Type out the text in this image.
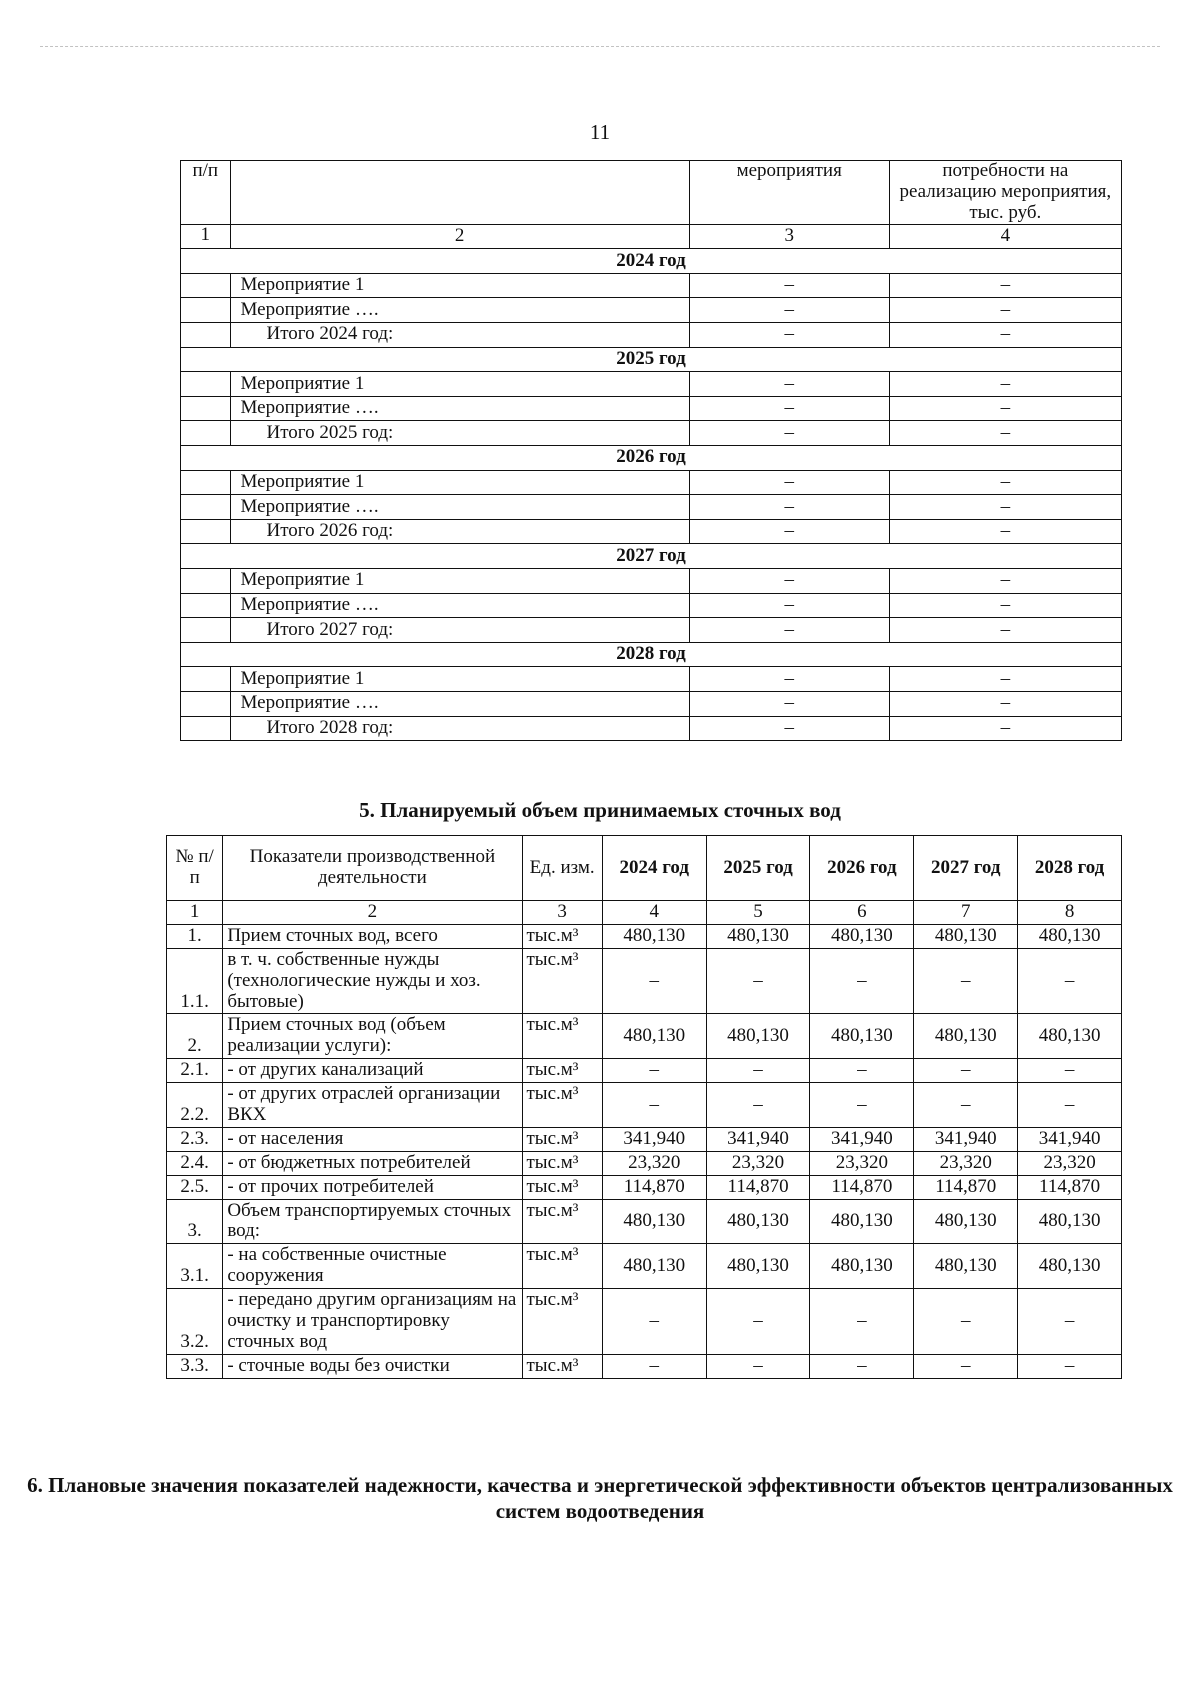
11
п/п		мероприятия	потребности на реализацию мероприятия, тыс. руб.
1	2	3	4
2024 год			
	Мероприятие 1	–	–
	Мероприятие ….	–	–
	Итого 2024 год:	–	–
2025 год			
	Мероприятие 1	–	–
	Мероприятие ….	–	–
	Итого 2025 год:	–	–
2026 год			
	Мероприятие 1	–	–
	Мероприятие ….	–	–
	Итого 2026 год:	–	–
2027 год			
	Мероприятие 1	–	–
	Мероприятие ….	–	–
	Итого 2027 год:	–	–
2028 год			
	Мероприятие 1	–	–
	Мероприятие ….	–	–
	Итого 2028 год:	–	–
5. Планируемый объем принимаемых сточных вод
№ п/п	Показатели производственной деятельности	Ед. изм.	2024 год	2025 год	2026 год	2027 год	2028 год
1	2	3	4	5	6	7	8
1.	Прием сточных вод, всего	тыс.м³	480,130	480,130	480,130	480,130	480,130
1.1.	в т. ч. собственные нужды (технологические нужды и хоз. бытовые)	тыс.м³	–	–	–	–	–
2.	Прием сточных вод (объем реализации услуги):	тыс.м³	480,130	480,130	480,130	480,130	480,130
2.1.	- от других канализаций	тыс.м³	–	–	–	–	–
2.2.	- от других отраслей организации ВКХ	тыс.м³	–	–	–	–	–
2.3.	- от населения	тыс.м³	341,940	341,940	341,940	341,940	341,940
2.4.	- от бюджетных потребителей	тыс.м³	23,320	23,320	23,320	23,320	23,320
2.5.	- от прочих потребителей	тыс.м³	114,870	114,870	114,870	114,870	114,870
3.	Объем транспортируемых сточных вод:	тыс.м³	480,130	480,130	480,130	480,130	480,130
3.1.	- на собственные очистные сооружения	тыс.м³	480,130	480,130	480,130	480,130	480,130
3.2.	- передано другим организациям на очистку и транспортировку сточных вод	тыс.м³	–	–	–	–	–
3.3.	- сточные воды без очистки	тыс.м³	–	–	–	–	–
6. Плановые значения показателей надежности, качества и энергетической эффективности объектов централизованных систем водоотведения
